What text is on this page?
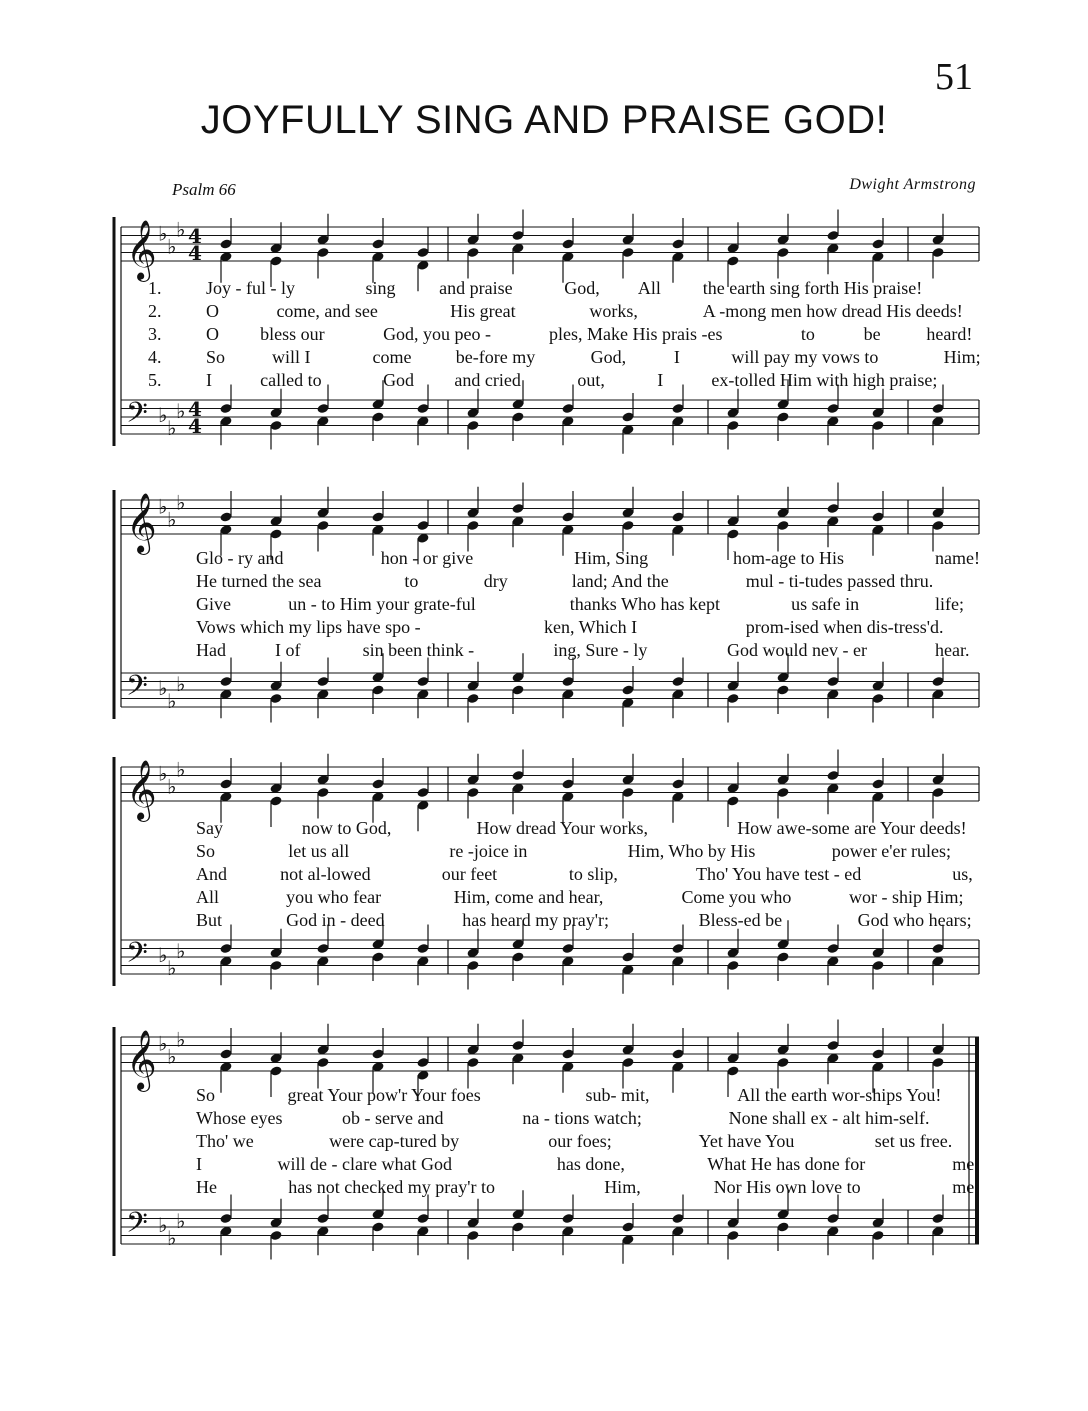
51
JOYFULLY SING AND PRAISE GOD!
Psalm 66	Dwight Armstrong
𝄞 ♭
♭
♭ 4
4
𝄢 ♭
♭
♭ 4
4
1. Joy - ful - ly	sing and praise	God, All the earth sing forth His praise!
2. O	come, and see	His great	works,	A -mong men how dread His deeds!
3. O bless our	God, you peo -	ples, Make His prais -es	to	be	heard!
4. So	will I	come be-fore my	God,	I	will pay my vows to	Him;
5. I	called to	God and cried	out,	I	ex-tolled Him with high praise;
𝄞 ♭
♭
♭
𝄢 ♭
♭
♭
Glo - ry and	hon - or give	Him, Sing	hom-age to His	name!
He turned the sea	to	dry	land; And the	mul - ti-tudes passed thru.
Give	un - to Him your grate-ful	thanks Who has kept	us safe in	life;
Vows which my lips have spo -	ken, Which I	prom-ised when dis-tress'd.
Had	I of	sin been think -	ing, Sure - ly	God would nev - er	hear.
𝄞 ♭
♭
♭
𝄢 ♭
♭
♭
Say	now to God,	How dread Your works,	How awe-some are Your deeds!
So	let us all	re -joice in	Him, Who by His	power e'er rules;
And	not al-lowed	our feet	to slip,	Tho' You have test - ed	us,
All	you who fear	Him, come and hear,	Come you who	wor - ship Him;
But	God in - deed	has heard my pray'r;	Bless-ed be	God who hears;
𝄞 ♭
♭
♭
𝄢 ♭
♭
♭
So	great Your pow'r Your foes	sub- mit,	All the earth wor-ships You!
Whose eyes	ob - serve and	na - tions watch;	None shall ex - alt him-self.
Tho' we	were cap-tured by	our foes;	Yet have You	set us free.
I	will de - clare what God	has done,	What He has done for	me!
He	has not checked my pray'r to	Him,	Nor His own love to	me.
